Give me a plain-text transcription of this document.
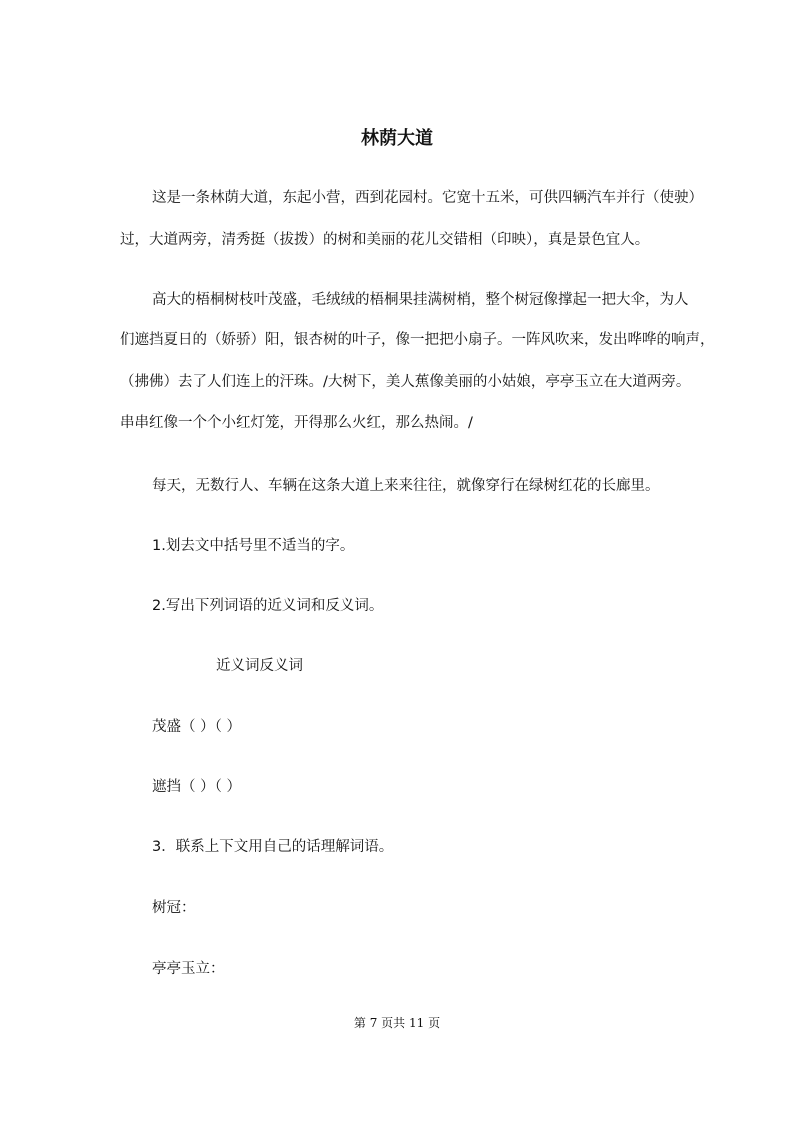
林荫大道
这是一条林荫大道，东起小营，西到花园村。它宽十五米，可供四辆汽车并行（使驶）
过，大道两旁，清秀挺（拔拨）的树和美丽的花儿交错相（印映），真是景色宜人。
高大的梧桐树枝叶茂盛，毛绒绒的梧桐果挂满树梢，整个树冠像撑起一把大伞，为人
们遮挡夏日的（娇骄）阳，银杏树的叶子，像一把把小扇子。一阵风吹来，发出哗哗的响声，
（拂佛）去了人们连上的汗珠。/大树下，美人蕉像美丽的小姑娘，亭亭玉立在大道两旁。
串串红像一个个小红灯笼，开得那么火红，那么热闹。/
每天，无数行人、车辆在这条大道上来来往往，就像穿行在绿树红花的长廊里。
1.划去文中括号里不适当的字。
2.写出下列词语的近义词和反义词。
近义词反义词
茂盛（ ）（ ）
遮挡（ ）（ ）
3．联系上下文用自己的话理解词语。
树冠：
亭亭玉立：
第 7 页共 11 页
